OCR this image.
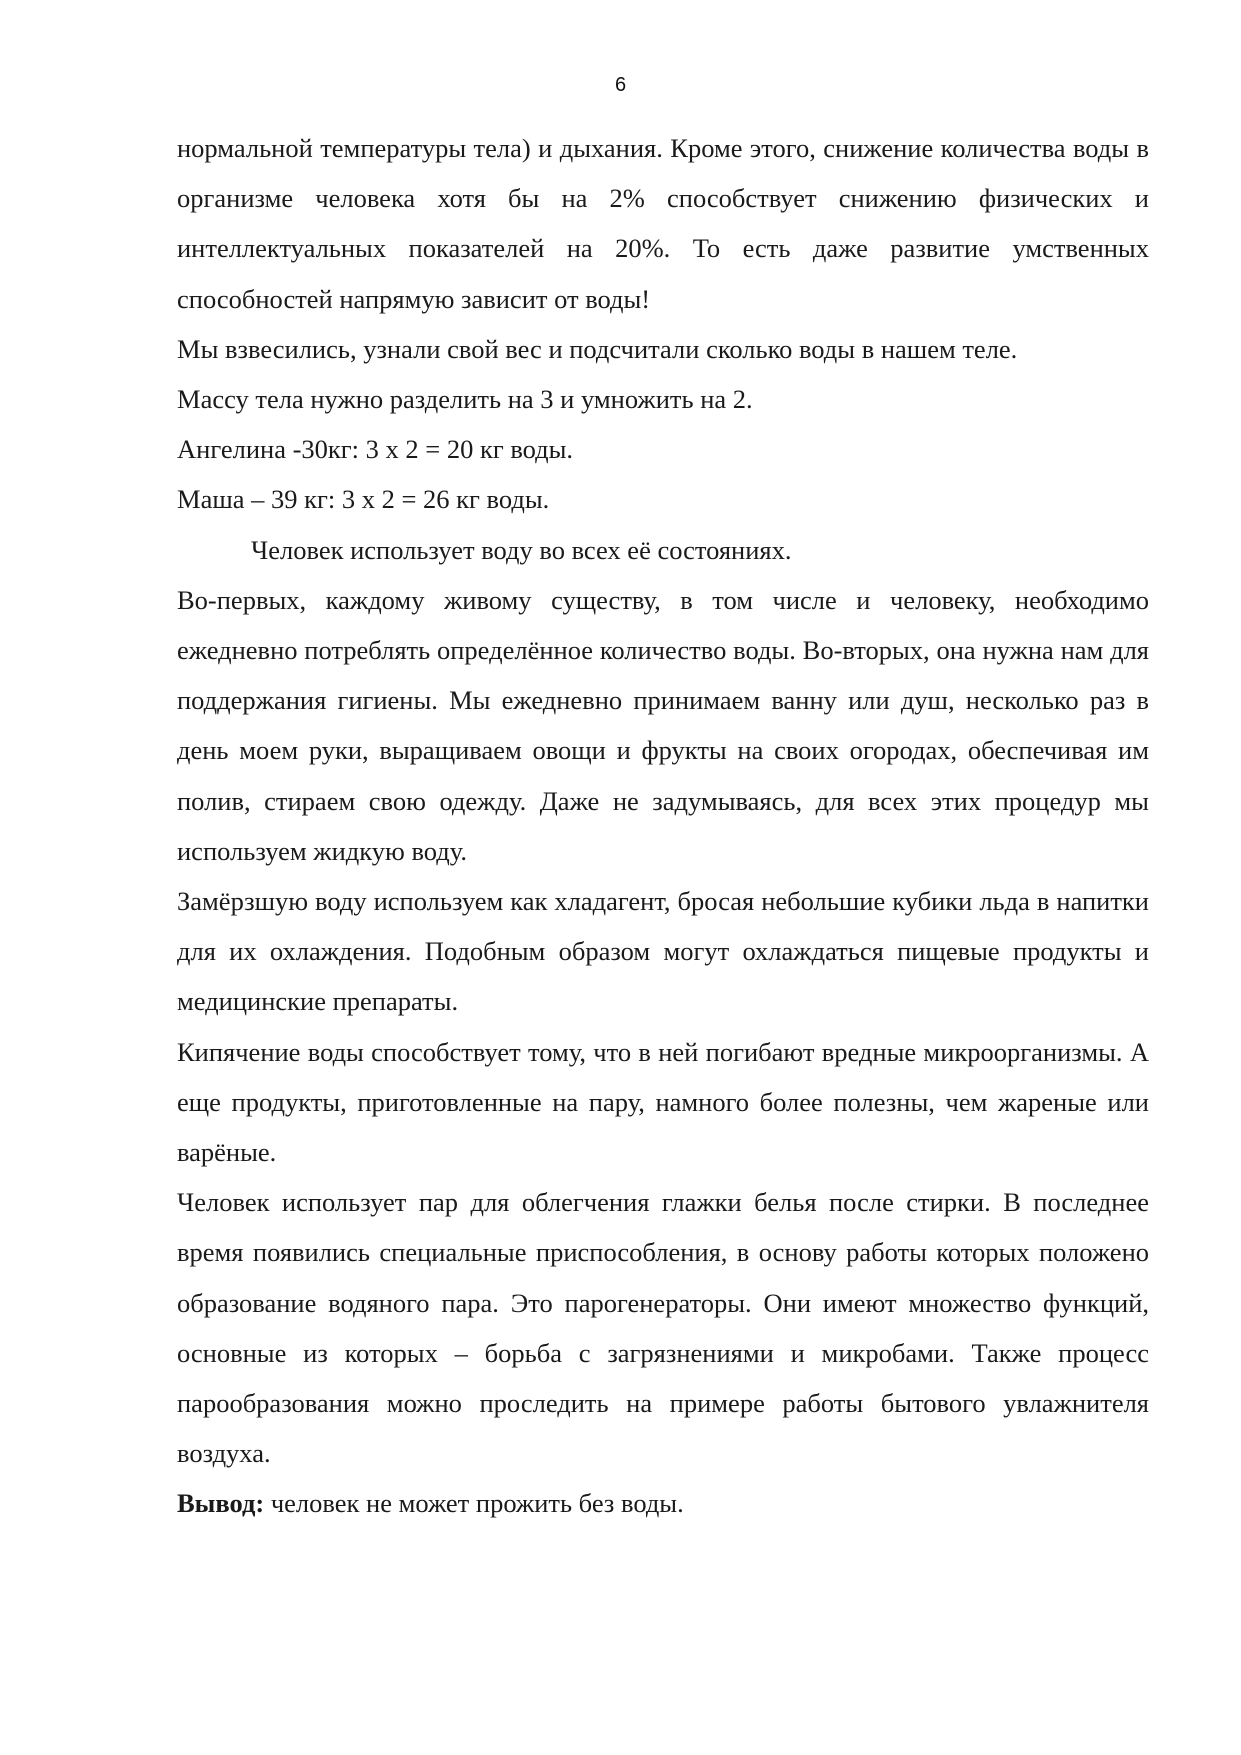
6

нормальной температуры тела) и дыхания. Кроме этого, снижение количества воды в организме человека хотя бы на 2% способствует снижению физических и интеллектуальных показателей на 20%. То есть даже развитие умственных способностей напрямую зависит от воды!

Мы взвесились, узнали свой вес и подсчитали сколько воды в нашем теле.

Массу тела нужно разделить на 3 и умножить на 2.

Ангелина -30кг: 3 х 2 = 20 кг воды.

Маша – 39 кг: 3 х 2 = 26 кг воды.

Человек использует воду во всех её состояниях.

Во-первых, каждому живому существу, в том числе и человеку, необходимо ежедневно потреблять определённое количество воды. Во-вторых, она нужна нам для поддержания гигиены. Мы ежедневно принимаем ванну или душ, несколько раз в день моем руки, выращиваем овощи и фрукты на своих огородах, обеспечивая им полив, стираем свою одежду. Даже не задумываясь, для всех этих процедур мы используем жидкую воду.

Замёрзшую воду используем как хладагент, бросая небольшие кубики льда в напитки для их охлаждения. Подобным образом могут охлаждаться пищевые продукты и медицинские препараты.

Кипячение воды способствует тому, что в ней погибают вредные микроорганизмы. А еще продукты, приготовленные на пару, намного более полезны, чем жареные или варёные.

Человек использует пар для облегчения глажки белья после стирки. В последнее время появились специальные приспособления, в основу работы которых положено образование водяного пара. Это парогенераторы. Они имеют множество функций, основные из которых – борьба с загрязнениями и микробами. Также процесс парообразования можно проследить на примере работы бытового увлажнителя воздуха.

Вывод: человек не может прожить без воды.
